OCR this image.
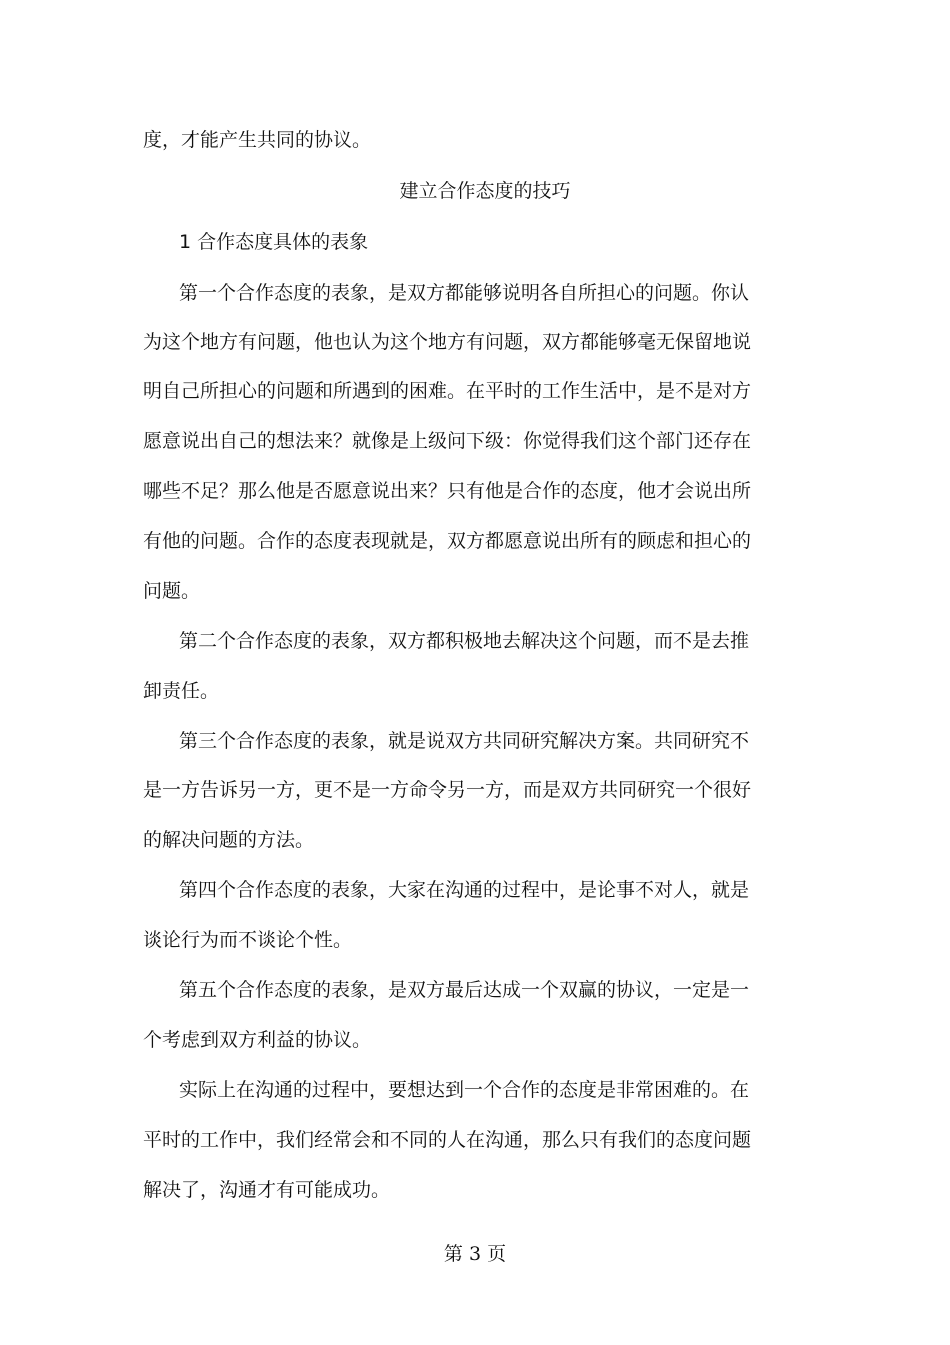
度，才能产生共同的协议。
建立合作态度的技巧
1 合作态度具体的表象
第一个合作态度的表象，是双方都能够说明各自所担心的问题。你认
为这个地方有问题，他也认为这个地方有问题，双方都能够毫无保留地说
明自己所担心的问题和所遇到的困难。在平时的工作生活中，是不是对方
愿意说出自己的想法来？就像是上级问下级：你觉得我们这个部门还存在
哪些不足？那么他是否愿意说出来？只有他是合作的态度，他才会说出所
有他的问题。合作的态度表现就是，双方都愿意说出所有的顾虑和担心的
问题。
第二个合作态度的表象，双方都积极地去解决这个问题，而不是去推
卸责任。
第三个合作态度的表象，就是说双方共同研究解决方案。共同研究不
是一方告诉另一方，更不是一方命令另一方，而是双方共同研究一个很好
的解决问题的方法。
第四个合作态度的表象，大家在沟通的过程中，是论事不对人，就是
谈论行为而不谈论个性。
第五个合作态度的表象，是双方最后达成一个双赢的协议，一定是一
个考虑到双方利益的协议。
实际上在沟通的过程中，要想达到一个合作的态度是非常困难的。在
平时的工作中，我们经常会和不同的人在沟通，那么只有我们的态度问题
解决了，沟通才有可能成功。
第 3 页
